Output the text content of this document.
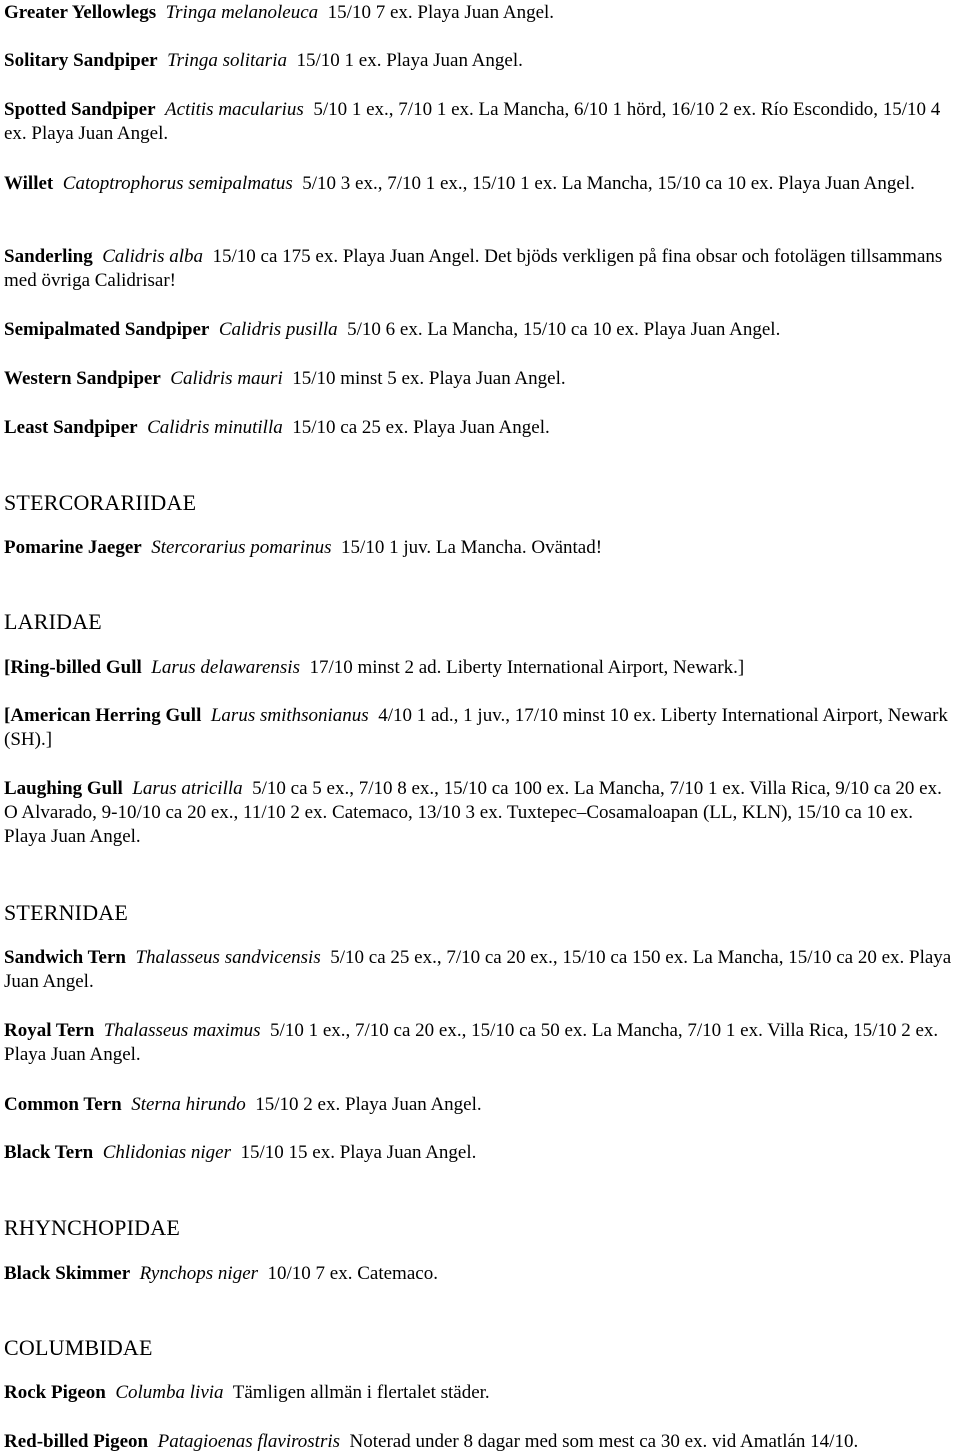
Greater Yellowlegs Tringa melanoleuca 15/10 7 ex. Playa Juan Angel.

Solitary Sandpiper Tringa solitaria 15/10 1 ex. Playa Juan Angel.

Spotted Sandpiper Actitis macularius 5/10 1 ex., 7/10 1 ex. La Mancha, 6/10 1 hörd, 16/10 2 ex. Río Escondido, 15/10 4 ex. Playa Juan Angel.

Willet Catoptrophorus semipalmatus 5/10 3 ex., 7/10 1 ex., 15/10 1 ex. La Mancha, 15/10 ca 10 ex. Playa Juan Angel.

Sanderling Calidris alba 15/10 ca 175 ex. Playa Juan Angel. Det bjöds verkligen på fina obsar och fotolägen tillsammans med övriga Calidrisar!

Semipalmated Sandpiper Calidris pusilla 5/10 6 ex. La Mancha, 15/10 ca 10 ex. Playa Juan Angel.

Western Sandpiper Calidris mauri 15/10 minst 5 ex. Playa Juan Angel.

Least Sandpiper Calidris minutilla 15/10 ca 25 ex. Playa Juan Angel.

STERCORARIIDAE

Pomarine Jaeger Stercorarius pomarinus 15/10 1 juv. La Mancha. Oväntad!

LARIDAE

[Ring-billed Gull Larus delawarensis 17/10 minst 2 ad. Liberty International Airport, Newark.]

[American Herring Gull Larus smithsonianus 4/10 1 ad., 1 juv., 17/10 minst 10 ex. Liberty International Airport, Newark (SH).]

Laughing Gull Larus atricilla 5/10 ca 5 ex., 7/10 8 ex., 15/10 ca 100 ex. La Mancha, 7/10 1 ex. Villa Rica, 9/10 ca 20 ex. O Alvarado, 9-10/10 ca 20 ex., 11/10 2 ex. Catemaco, 13/10 3 ex. Tuxtepec–Cosamaloapan (LL, KLN), 15/10 ca 10 ex. Playa Juan Angel.

STERNIDAE

Sandwich Tern Thalasseus sandvicensis 5/10 ca 25 ex., 7/10 ca 20 ex., 15/10 ca 150 ex. La Mancha, 15/10 ca 20 ex. Playa Juan Angel.

Royal Tern Thalasseus maximus 5/10 1 ex., 7/10 ca 20 ex., 15/10 ca 50 ex. La Mancha, 7/10 1 ex. Villa Rica, 15/10 2 ex. Playa Juan Angel.

Common Tern Sterna hirundo 15/10 2 ex. Playa Juan Angel.

Black Tern Chlidonias niger 15/10 15 ex. Playa Juan Angel.

RHYNCHOPIDAE

Black Skimmer Rynchops niger 10/10 7 ex. Catemaco.

COLUMBIDAE

Rock Pigeon Columba livia Tämligen allmän i flertalet städer.

Red-billed Pigeon Patagioenas flavirostris Noterad under 8 dagar med som mest ca 30 ex. vid Amatlán 14/10.
